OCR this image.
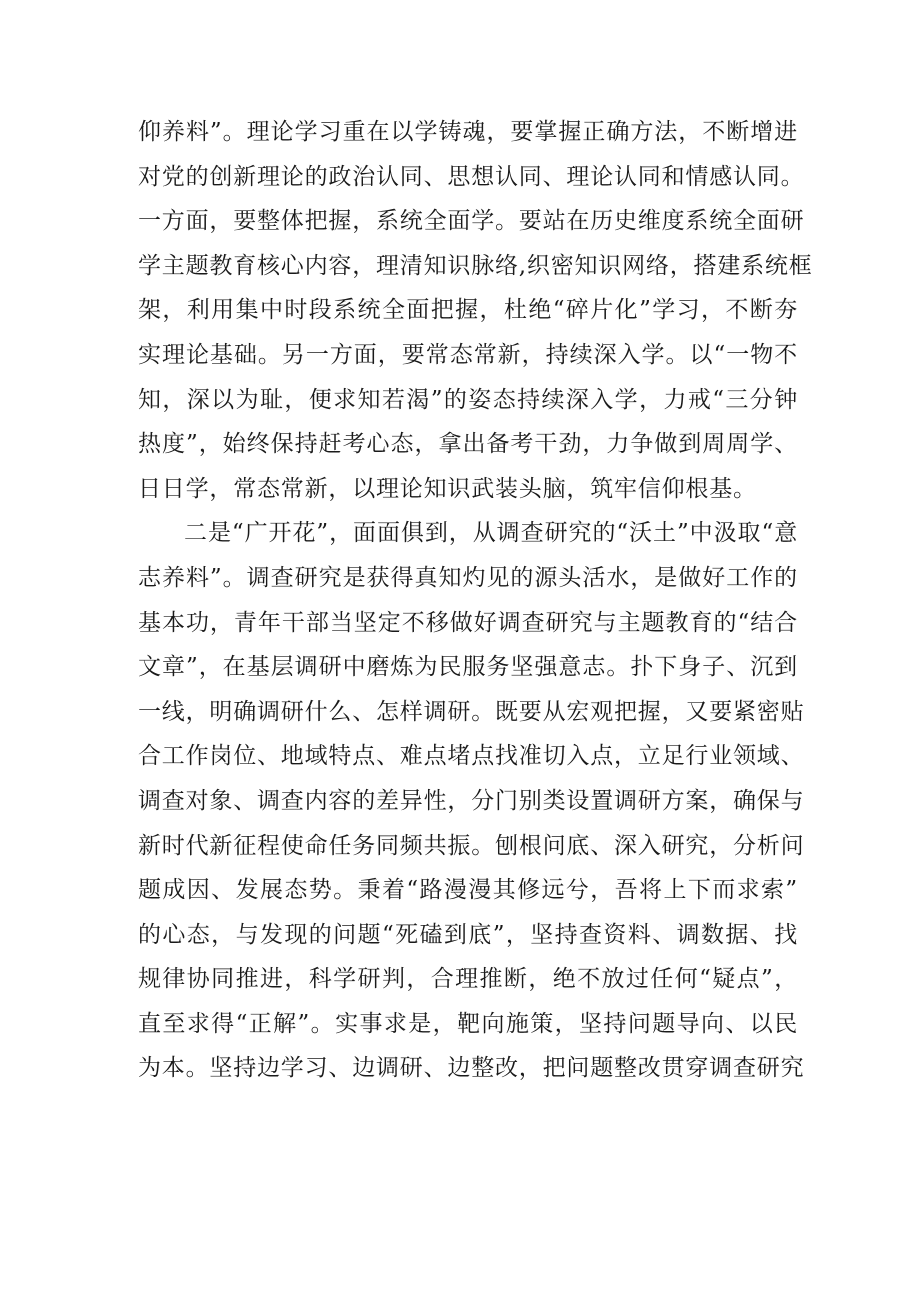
仰养料”。理论学习重在以学铸魂，要掌握正确方法，不断增进
对党的创新理论的政治认同、思想认同、理论认同和情感认同。
一方面，要整体把握，系统全面学。要站在历史维度系统全面研
学主题教育核心内容，理清知识脉络,织密知识网络，搭建系统框
架，利用集中时段系统全面把握，杜绝“碎片化”学习，不断夯
实理论基础。另一方面，要常态常新，持续深入学。以“一物不
知，深以为耻，便求知若渴”的姿态持续深入学，力戒“三分钟
热度”，始终保持赶考心态，拿出备考干劲，力争做到周周学、
日日学，常态常新，以理论知识武装头脑，筑牢信仰根基。
二是“广开花”，面面俱到，从调查研究的“沃土”中汲取“意
志养料”。调查研究是获得真知灼见的源头活水，是做好工作的
基本功，青年干部当坚定不移做好调查研究与主题教育的“结合
文章”，在基层调研中磨炼为民服务坚强意志。扑下身子、沉到
一线，明确调研什么、怎样调研。既要从宏观把握，又要紧密贴
合工作岗位、地域特点、难点堵点找准切入点，立足行业领域、
调查对象、调查内容的差异性，分门别类设置调研方案，确保与
新时代新征程使命任务同频共振。刨根问底、深入研究，分析问
题成因、发展态势。秉着“路漫漫其修远兮，吾将上下而求索”
的心态，与发现的问题“死磕到底”，坚持查资料、调数据、找
规律协同推进，科学研判，合理推断，绝不放过任何“疑点”，
直至求得“正解”。实事求是，靶向施策，坚持问题导向、以民
为本。坚持边学习、边调研、边整改，把问题整改贯穿调查研究
